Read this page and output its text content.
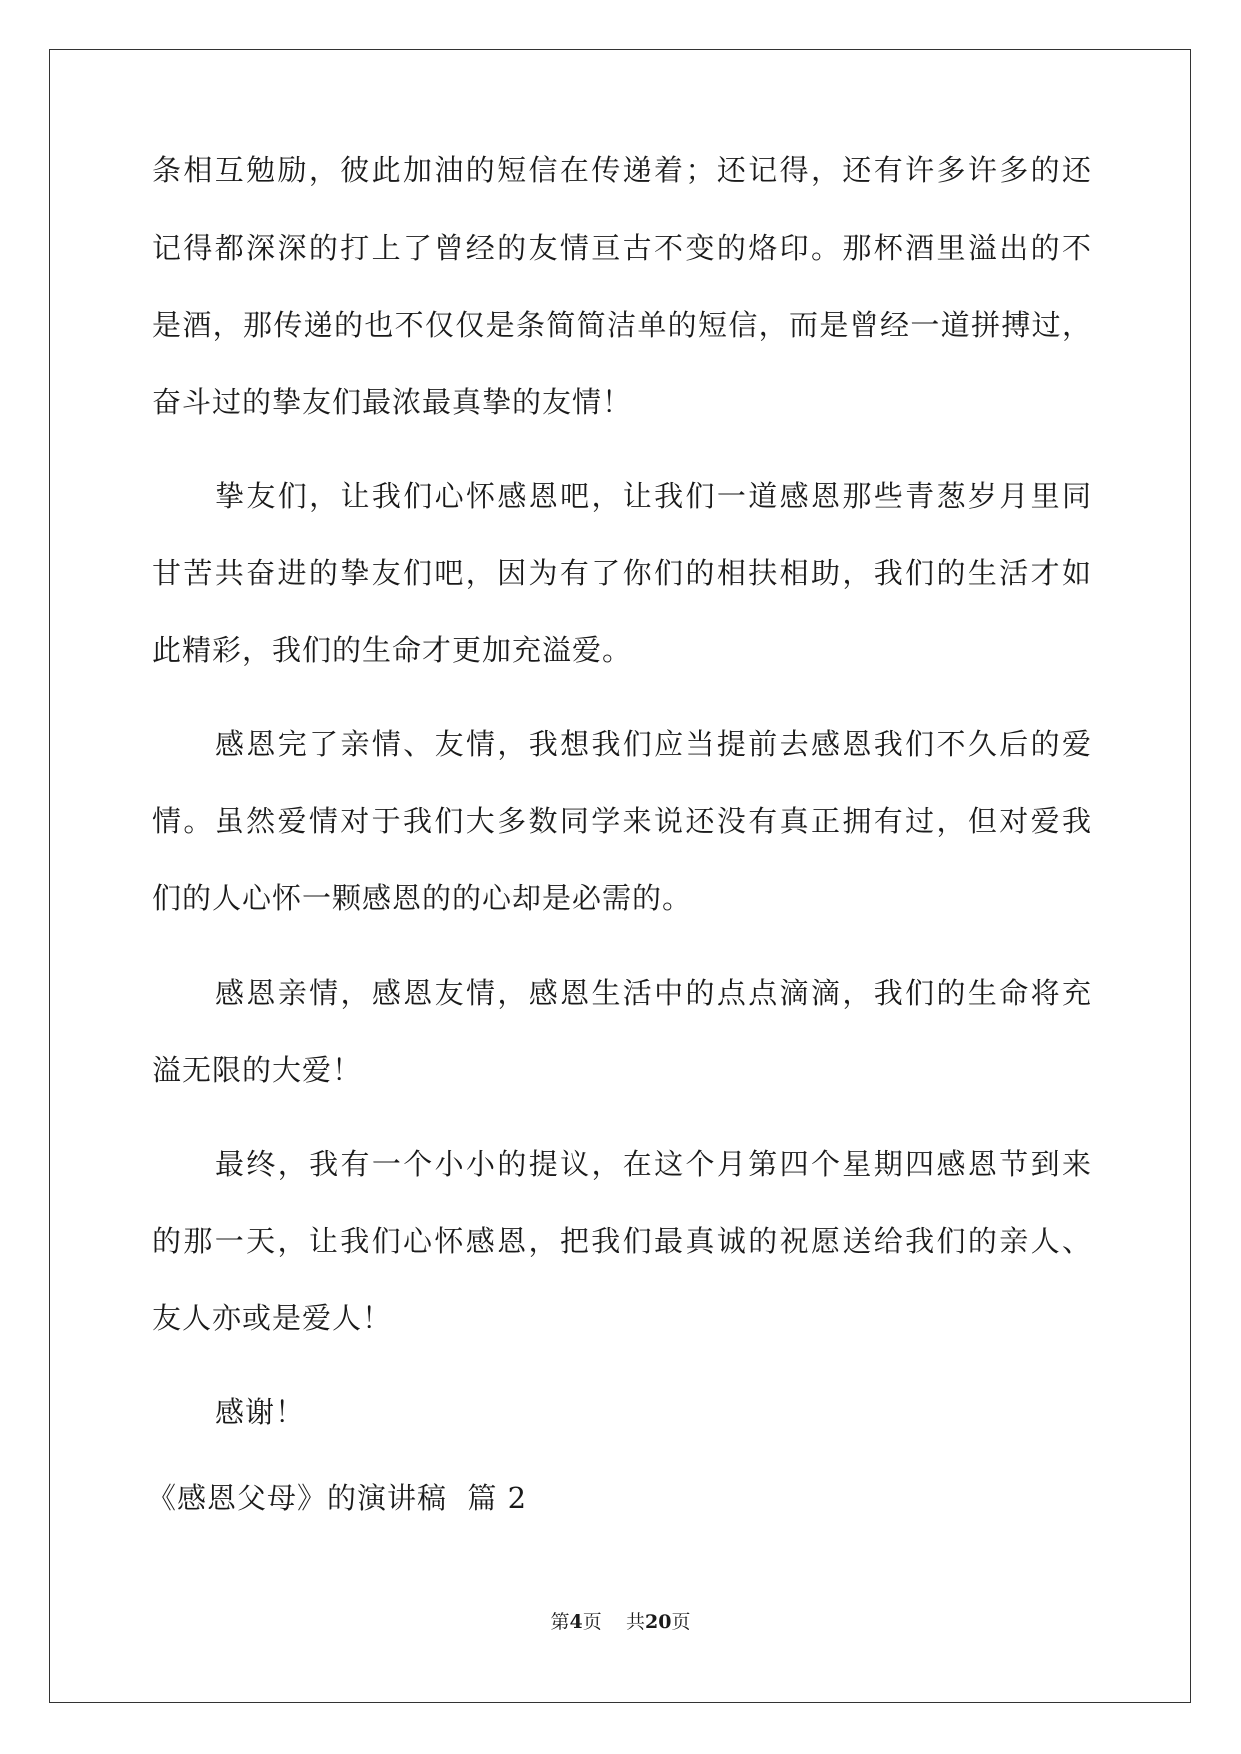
条相互勉励，彼此加油的短信在传递着；还记得，还有许多许多的还
记得都深深的打上了曾经的友情亘古不变的烙印。那杯酒里溢出的不
是酒，那传递的也不仅仅是条简简洁单的短信，而是曾经一道拼搏过，
奋斗过的挚友们最浓最真挚的友情！
挚友们，让我们心怀感恩吧，让我们一道感恩那些青葱岁月里同
甘苦共奋进的挚友们吧，因为有了你们的相扶相助，我们的生活才如
此精彩，我们的生命才更加充溢爱。
感恩完了亲情、友情，我想我们应当提前去感恩我们不久后的爱
情。虽然爱情对于我们大多数同学来说还没有真正拥有过，但对爱我
们的人心怀一颗感恩的的心却是必需的。
感恩亲情，感恩友情，感恩生活中的点点滴滴，我们的生命将充
溢无限的大爱！
最终，我有一个小小的提议，在这个月第四个星期四感恩节到来
的那一天，让我们心怀感恩，把我们最真诚的祝愿送给我们的亲人、
友人亦或是爱人！
感谢！
《感恩父母》的演讲稿  篇 2
第4页 共20页
